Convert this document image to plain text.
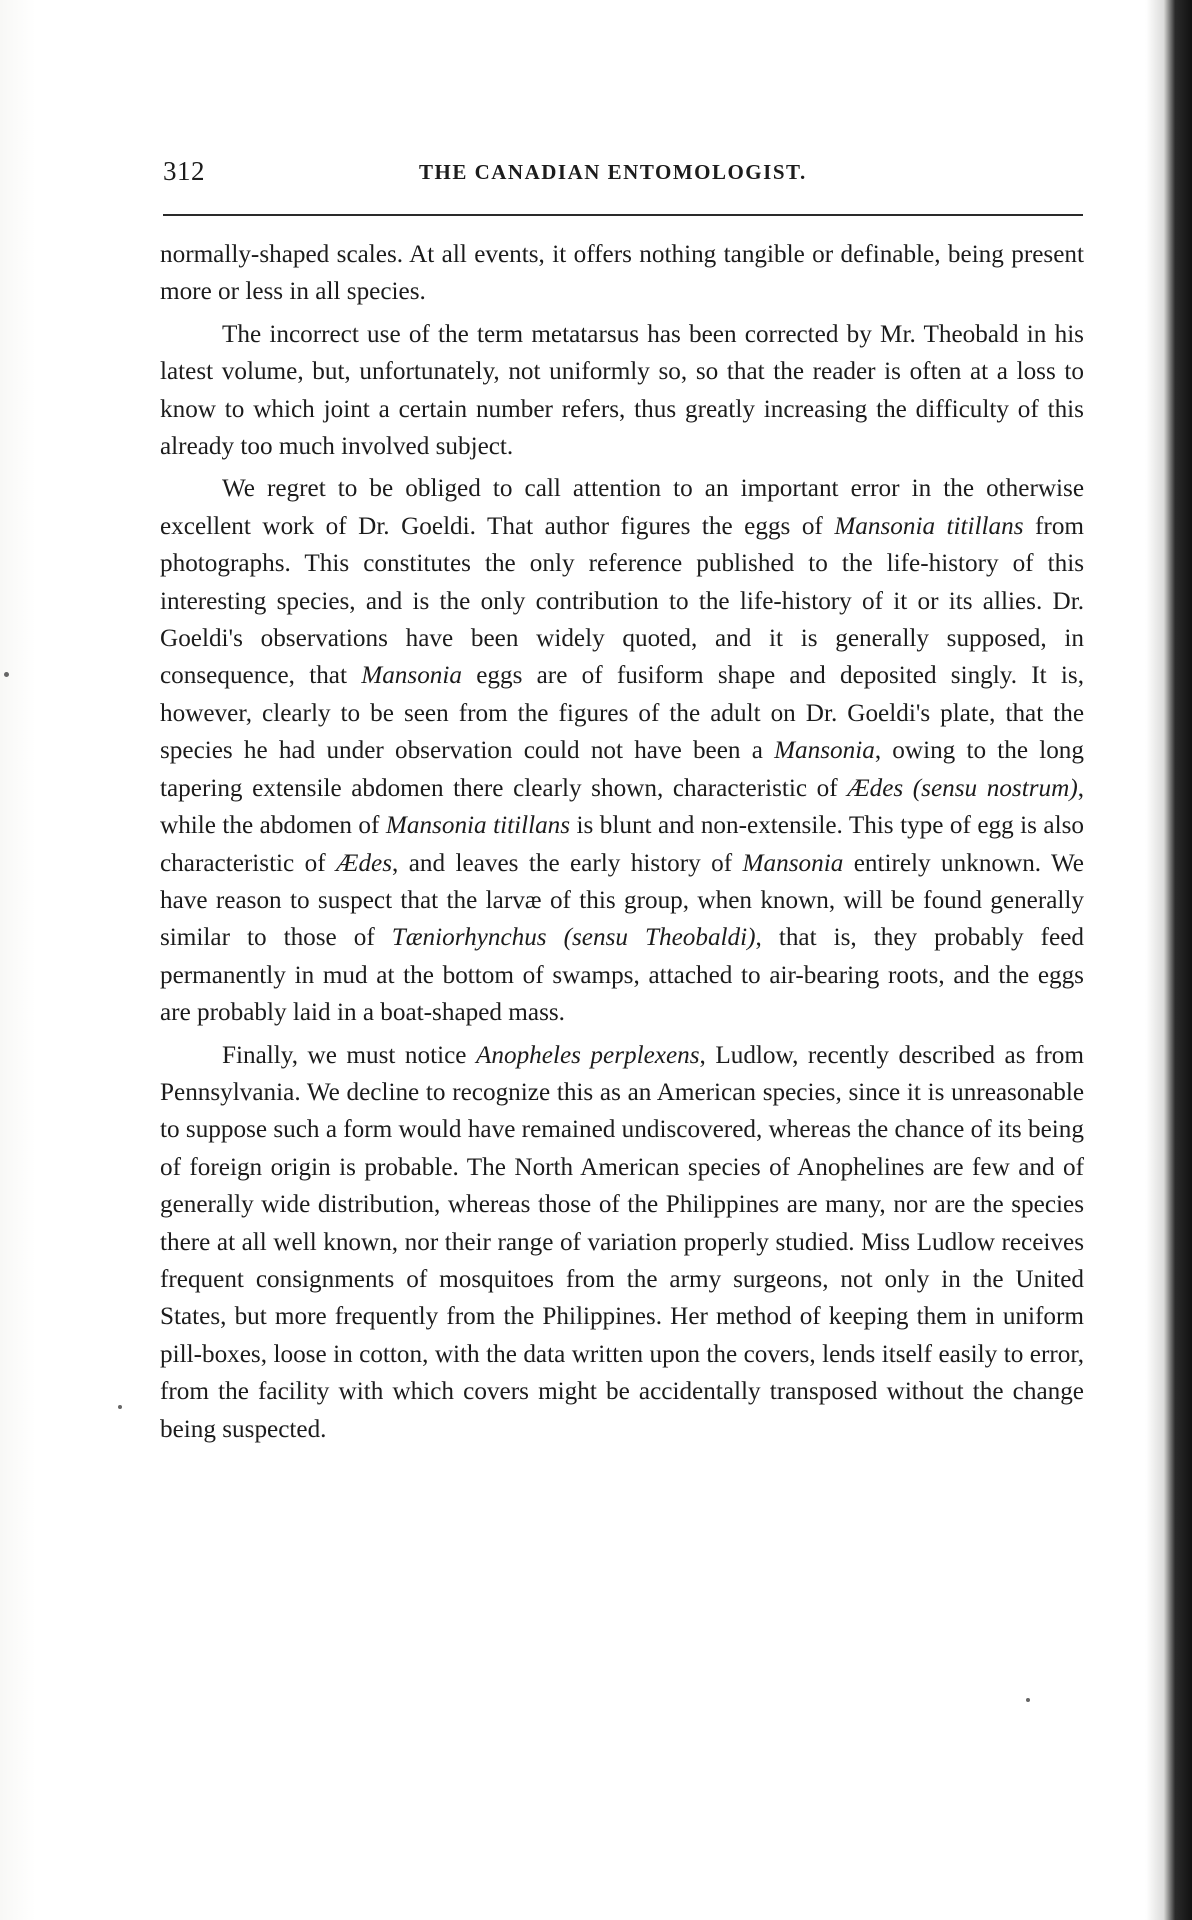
312	THE CANADIAN ENTOMOLOGIST.

normally-shaped scales. At all events, it offers nothing tangible or definable, being present more or less in all species.

The incorrect use of the term metatarsus has been corrected by Mr. Theobald in his latest volume, but, unfortunately, not uniformly so, so that the reader is often at a loss to know to which joint a certain number refers, thus greatly increasing the difficulty of this already too much involved subject.

We regret to be obliged to call attention to an important error in the otherwise excellent work of Dr. Goeldi. That author figures the eggs of Mansonia titillans from photographs. This constitutes the only reference published to the life-history of this interesting species, and is the only contribution to the life-history of it or its allies. Dr. Goeldi's observations have been widely quoted, and it is generally supposed, in consequence, that Mansonia eggs are of fusiform shape and deposited singly. It is, however, clearly to be seen from the figures of the adult on Dr. Goeldi's plate, that the species he had under observation could not have been a Mansonia, owing to the long tapering extensile abdomen there clearly shown, characteristic of Ædes (sensu nostrum), while the abdomen of Mansonia titillans is blunt and non-extensile. This type of egg is also characteristic of Ædes, and leaves the early history of Mansonia entirely unknown. We have reason to suspect that the larvæ of this group, when known, will be found generally similar to those of Tæniorhynchus (sensu Theobaldi), that is, they probably feed permanently in mud at the bottom of swamps, attached to air-bearing roots, and the eggs are probably laid in a boat-shaped mass.

Finally, we must notice Anopheles perplexens, Ludlow, recently described as from Pennsylvania. We decline to recognize this as an American species, since it is unreasonable to suppose such a form would have remained undiscovered, whereas the chance of its being of foreign origin is probable. The North American species of Anophelines are few and of generally wide distribution, whereas those of the Philippines are many, nor are the species there at all well known, nor their range of variation properly studied. Miss Ludlow receives frequent consignments of mosquitoes from the army surgeons, not only in the United States, but more frequently from the Philippines. Her method of keeping them in uniform pill-boxes, loose in cotton, with the data written upon the covers, lends itself easily to error, from the facility with which covers might be accidentally transposed without the change being suspected.
